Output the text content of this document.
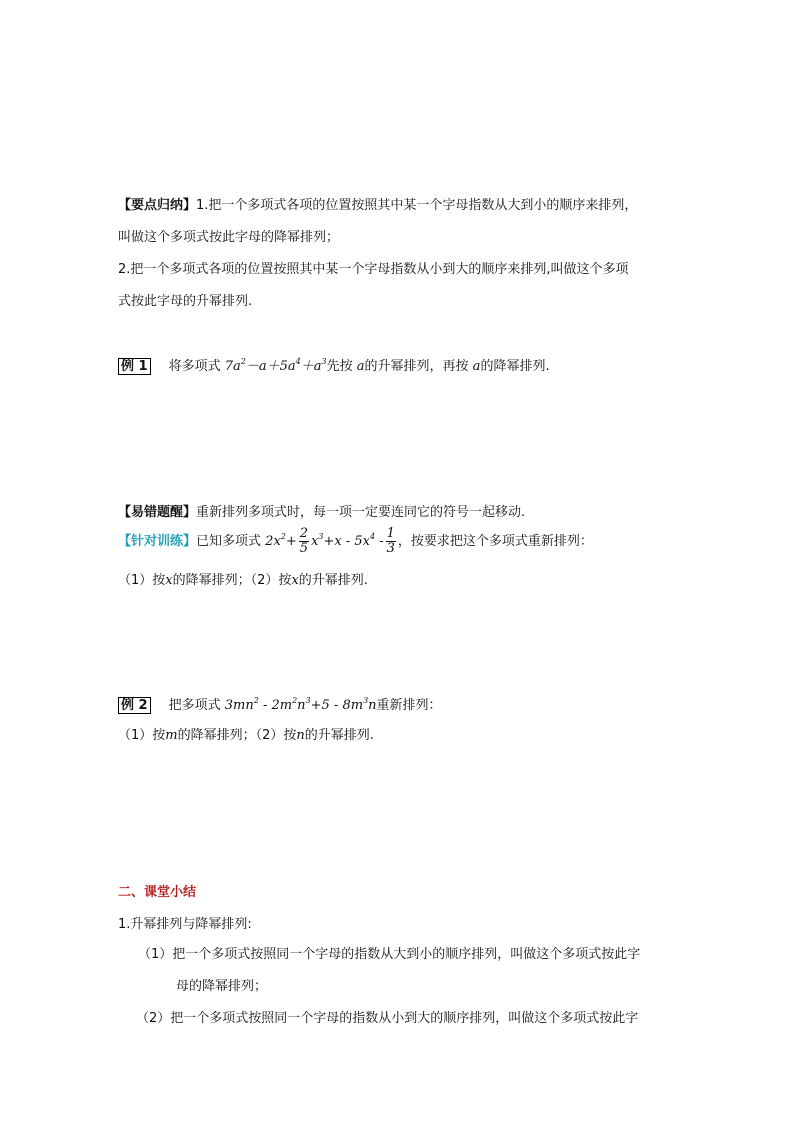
【要点归纳】1.把一个多项式各项的位置按照其中某一个字母指数从大到小的顺序来排列，
叫做这个多项式按此字母的降幂排列；
2.把一个多项式各项的位置按照其中某一个字母指数从小到大的顺序来排列,叫做这个多项
式按此字母的升幂排列.
例 1 将多项式 $7a^2-a+5a^4+a^3$先按 a的升幂排列，再按 a的降幂排列.
【易错题醒】重新排列多项式时，每一项一定要连同它的符号一起移动.
【针对训练】已知多项式 $2x^2+ \frac{2}{5} x^3+x - 5x^4 - \frac{1}{3}$ ，按要求把这个多项式重新排列：
（1）按x的降幂排列；（2）按x的升幂排列.
例 2 把多项式 $3mn^2 - 2m^2n^3+5 - 8m^3n$重新排列：
（1）按m的降幂排列；（2）按n的升幂排列.
二、课堂小结
1.升幂排列与降幂排列:
（1）把一个多项式按照同一个字母的指数从大到小的顺序排列，叫做这个多项式按此字
母的降幂排列；
（2）把一个多项式按照同一个字母的指数从小到大的顺序排列，叫做这个多项式按此字
